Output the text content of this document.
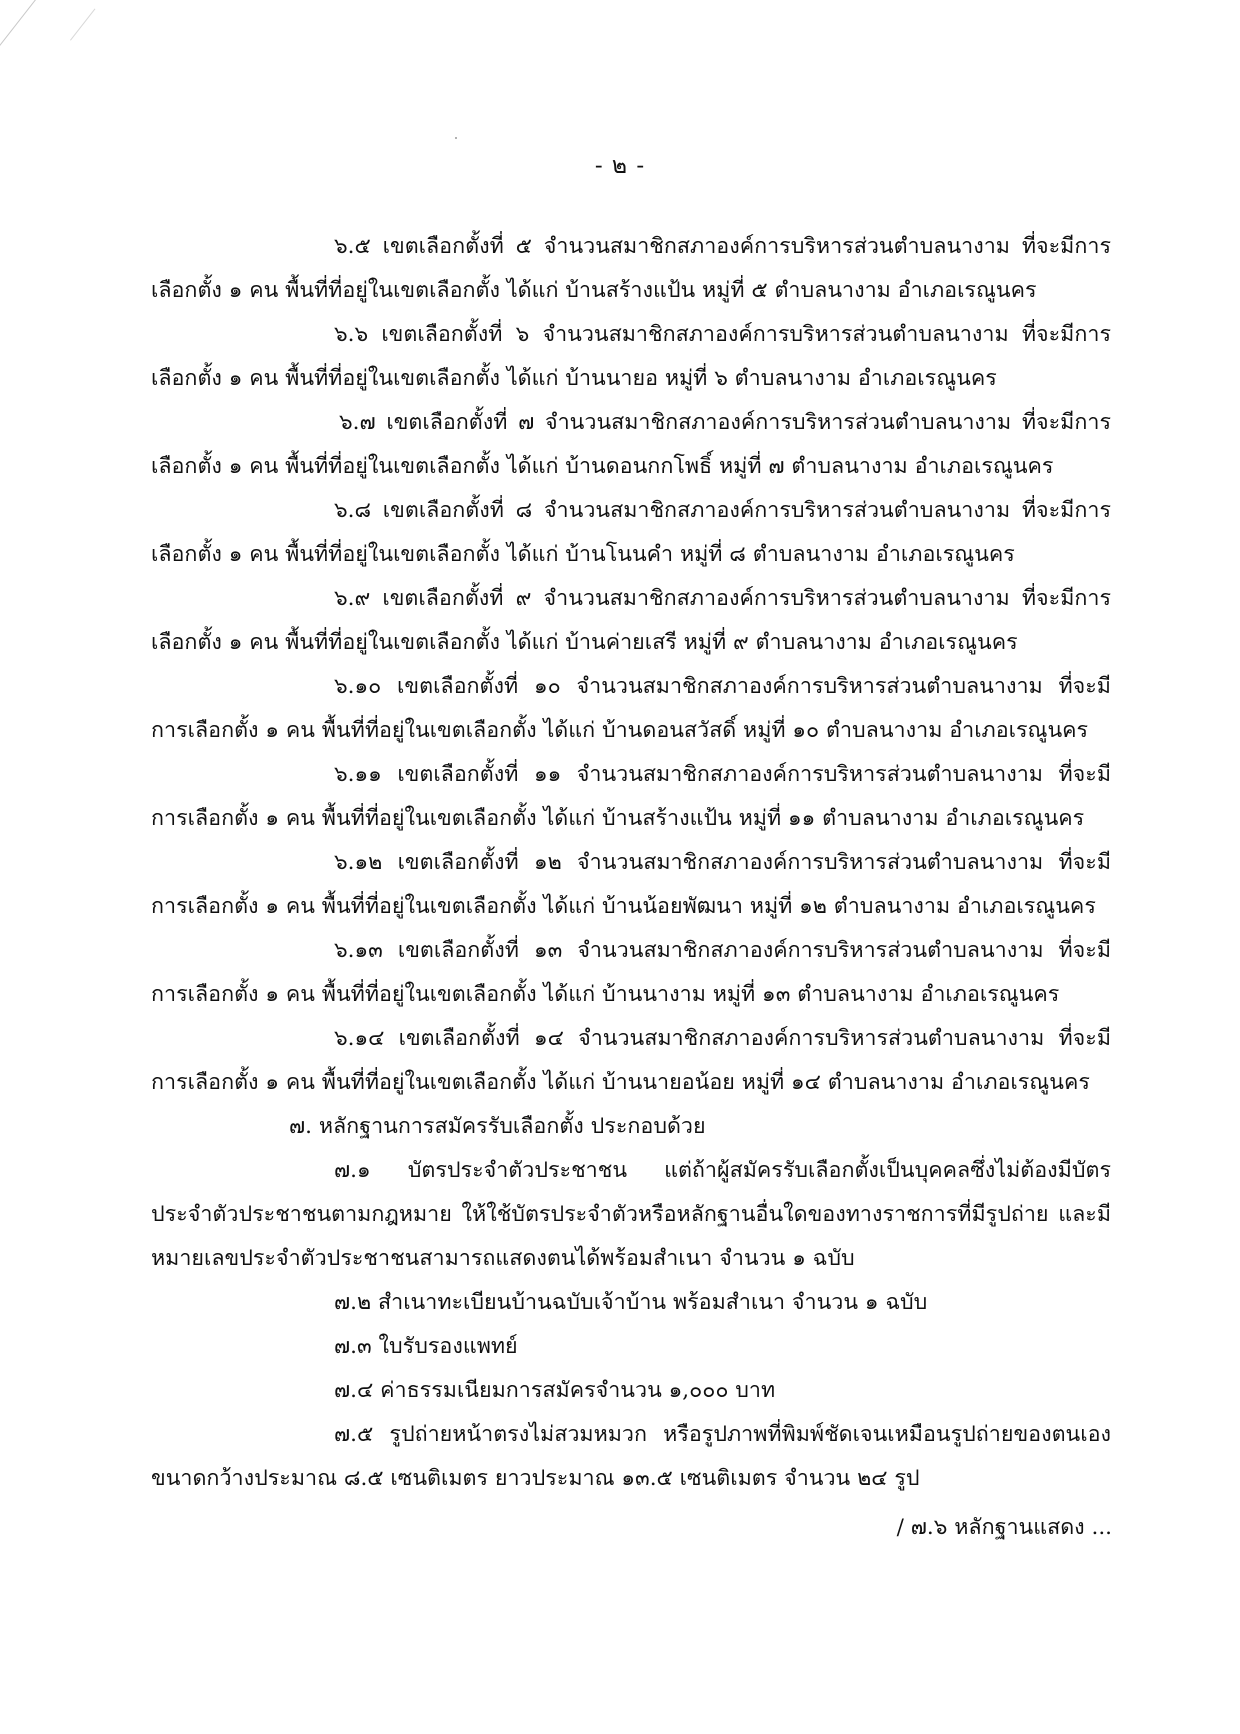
- ๒ -

๖.๕ เขตเลือกตั้งที่ ๕ จำนวนสมาชิกสภาองค์การบริหารส่วนตำบลนางาม ที่จะมีการเลือกตั้ง ๑ คน พื้นที่ที่อยู่ในเขตเลือกตั้ง ได้แก่ บ้านสร้างแป้น หมู่ที่ ๕ ตำบลนางาม อำเภอเรณูนคร

๖.๖ เขตเลือกตั้งที่ ๖ จำนวนสมาชิกสภาองค์การบริหารส่วนตำบลนางาม ที่จะมีการเลือกตั้ง ๑ คน พื้นที่ที่อยู่ในเขตเลือกตั้ง ได้แก่ บ้านนายอ หมู่ที่ ๖ ตำบลนางาม อำเภอเรณูนคร

๖.๗ เขตเลือกตั้งที่ ๗ จำนวนสมาชิกสภาองค์การบริหารส่วนตำบลนางาม ที่จะมีการเลือกตั้ง ๑ คน พื้นที่ที่อยู่ในเขตเลือกตั้ง ได้แก่ บ้านดอนกกโพธิ์ หมู่ที่ ๗ ตำบลนางาม อำเภอเรณูนคร

๖.๘ เขตเลือกตั้งที่ ๘ จำนวนสมาชิกสภาองค์การบริหารส่วนตำบลนางาม ที่จะมีการเลือกตั้ง ๑ คน พื้นที่ที่อยู่ในเขตเลือกตั้ง ได้แก่ บ้านโนนคำ หมู่ที่ ๘ ตำบลนางาม อำเภอเรณูนคร

๖.๙ เขตเลือกตั้งที่ ๙ จำนวนสมาชิกสภาองค์การบริหารส่วนตำบลนางาม ที่จะมีการเลือกตั้ง ๑ คน พื้นที่ที่อยู่ในเขตเลือกตั้ง ได้แก่ บ้านค่ายเสรี หมู่ที่ ๙ ตำบลนางาม อำเภอเรณูนคร

๖.๑๐ เขตเลือกตั้งที่ ๑๐ จำนวนสมาชิกสภาองค์การบริหารส่วนตำบลนางาม ที่จะมีการเลือกตั้ง ๑ คน พื้นที่ที่อยู่ในเขตเลือกตั้ง ได้แก่ บ้านดอนสวัสดิ์ หมู่ที่ ๑๐ ตำบลนางาม อำเภอเรณูนคร

๖.๑๑ เขตเลือกตั้งที่ ๑๑ จำนวนสมาชิกสภาองค์การบริหารส่วนตำบลนางาม ที่จะมีการเลือกตั้ง ๑ คน พื้นที่ที่อยู่ในเขตเลือกตั้ง ได้แก่ บ้านสร้างแป้น หมู่ที่ ๑๑ ตำบลนางาม อำเภอเรณูนคร

๖.๑๒ เขตเลือกตั้งที่ ๑๒ จำนวนสมาชิกสภาองค์การบริหารส่วนตำบลนางาม ที่จะมีการเลือกตั้ง ๑ คน พื้นที่ที่อยู่ในเขตเลือกตั้ง ได้แก่ บ้านน้อยพัฒนา หมู่ที่ ๑๒ ตำบลนางาม อำเภอเรณูนคร

๖.๑๓ เขตเลือกตั้งที่ ๑๓ จำนวนสมาชิกสภาองค์การบริหารส่วนตำบลนางาม ที่จะมีการเลือกตั้ง ๑ คน พื้นที่ที่อยู่ในเขตเลือกตั้ง ได้แก่ บ้านนางาม หมู่ที่ ๑๓ ตำบลนางาม อำเภอเรณูนคร

๖.๑๔ เขตเลือกตั้งที่ ๑๔ จำนวนสมาชิกสภาองค์การบริหารส่วนตำบลนางาม ที่จะมีการเลือกตั้ง ๑ คน พื้นที่ที่อยู่ในเขตเลือกตั้ง ได้แก่ บ้านนายอน้อย หมู่ที่ ๑๔ ตำบลนางาม อำเภอเรณูนคร

๗. หลักฐานการสมัครรับเลือกตั้ง ประกอบด้วย

๗.๑ บัตรประจำตัวประชาชน แต่ถ้าผู้สมัครรับเลือกตั้งเป็นบุคคลซึ่งไม่ต้องมีบัตรประจำตัวประชาชนตามกฎหมาย ให้ใช้บัตรประจำตัวหรือหลักฐานอื่นใดของทางราชการที่มีรูปถ่าย และมีหมายเลขประจำตัวประชาชนสามารถแสดงตนได้พร้อมสำเนา จำนวน ๑ ฉบับ

๗.๒ สำเนาทะเบียนบ้านฉบับเจ้าบ้าน พร้อมสำเนา จำนวน ๑ ฉบับ

๗.๓ ใบรับรองแพทย์

๗.๔ ค่าธรรมเนียมการสมัครจำนวน ๑,๐๐๐ บาท

๗.๕ รูปถ่ายหน้าตรงไม่สวมหมวก หรือรูปภาพที่พิมพ์ชัดเจนเหมือนรูปถ่ายของตนเองขนาดกว้างประมาณ ๘.๕ เซนติเมตร ยาวประมาณ ๑๓.๕ เซนติเมตร จำนวน ๒๔ รูป

/ ๗.๖ หลักฐานแสดง ...
